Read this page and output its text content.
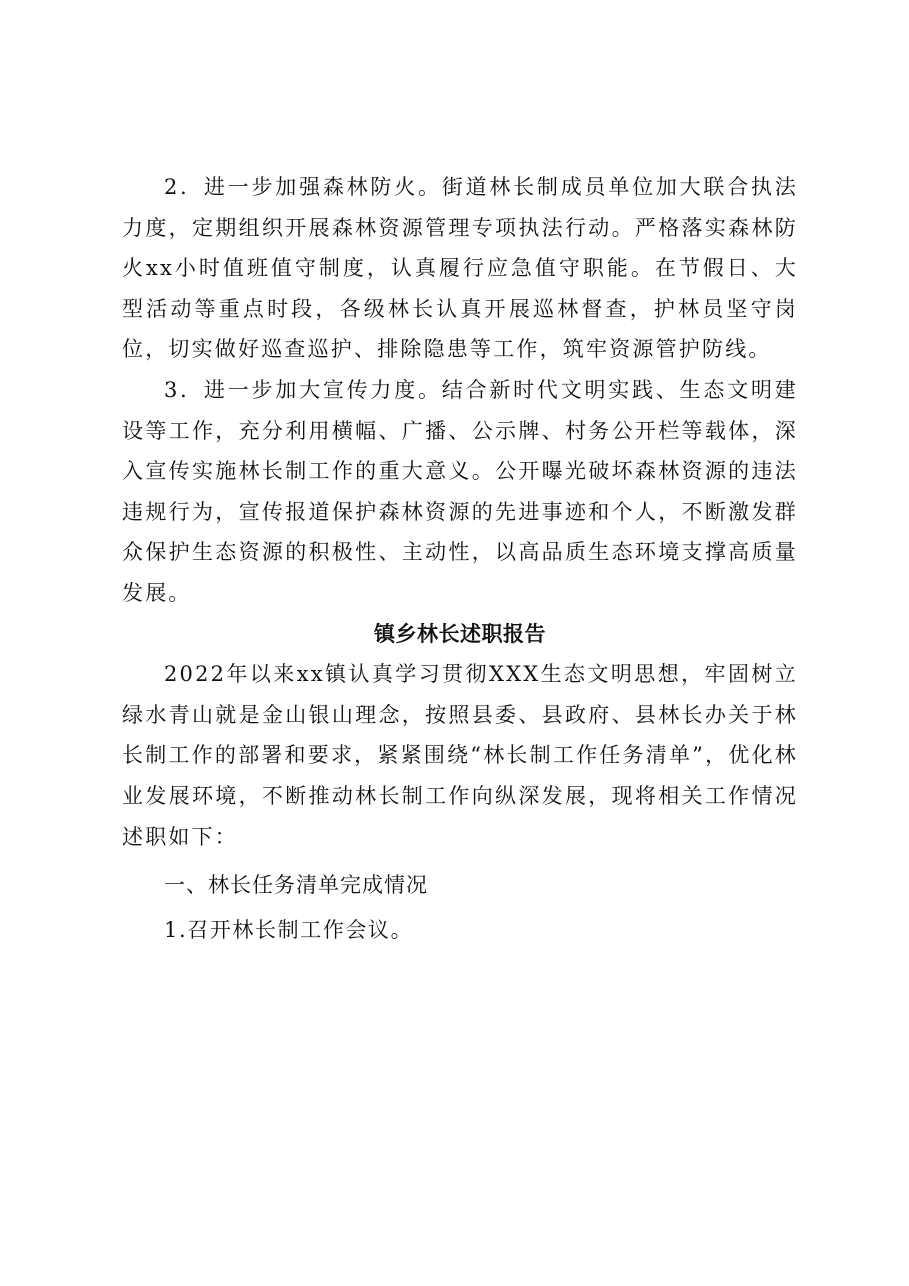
2．进一步加强森林防火。街道林长制成员单位加大联合执法力度，定期组织开展森林资源管理专项执法行动。严格落实森林防火xx小时值班值守制度，认真履行应急值守职能。在节假日、大型活动等重点时段，各级林长认真开展巡林督查，护林员坚守岗位，切实做好巡查巡护、排除隐患等工作，筑牢资源管护防线。

3．进一步加大宣传力度。结合新时代文明实践、生态文明建设等工作，充分利用横幅、广播、公示牌、村务公开栏等载体，深入宣传实施林长制工作的重大意义。公开曝光破坏森林资源的违法违规行为，宣传报道保护森林资源的先进事迹和个人，不断激发群众保护生态资源的积极性、主动性，以高品质生态环境支撑高质量发展。

镇乡林长述职报告

2022年以来xx镇认真学习贯彻XXX生态文明思想，牢固树立绿水青山就是金山银山理念，按照县委、县政府、县林长办关于林长制工作的部署和要求，紧紧围绕“林长制工作任务清单”，优化林业发展环境，不断推动林长制工作向纵深发展，现将相关工作情况述职如下：

一、林长任务清单完成情况

1.召开林长制工作会议。
